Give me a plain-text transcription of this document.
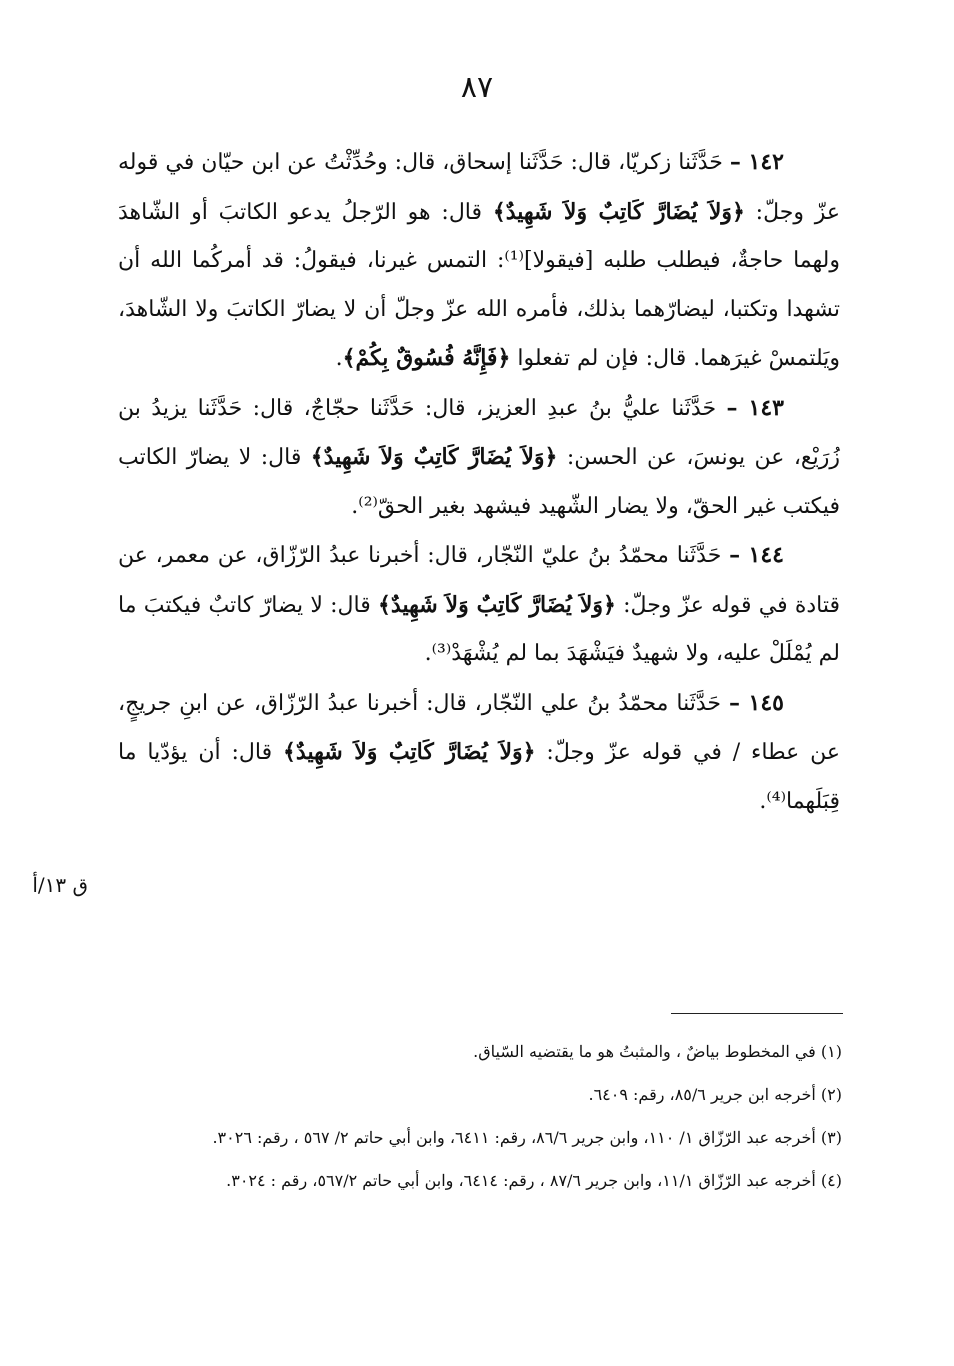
٨٧

١٤٢ – حَدَّثَنا زكريّا، قال: حَدَّثَنا إسحاق، قال: وحُدِّثْتُ عن ابن حيّان في قوله عزّ وجلّ: ﴿وَلاَ يُضَارَّ كَاتِبٌ وَلاَ شَهِيدٌ﴾ قال: هو الرّجلُ يدعو الكاتبَ أو الشّاهدَ ولهما حاجةٌ، فيطلب طلبه [فيقولا]⁽¹⁾: التمس غيرنا، فيقولُ: قد أمركُما الله أن تشهدا وتكتبا، ليضارّهما بذلك، فأمره الله عزّ وجلّ أن لا يضارّ الكاتبَ ولا الشّاهدَ، ويَلتمسْ غيرَهما. قال: فإن لم تفعلوا ﴿فَإِنَّهُ فُسُوقٌ بِكُمْ﴾.

١٤٣ – حَدَّثَنا عليُّ بنُ عبدِ العزيز، قال: حَدَّثَنا حجّاجٌ، قال: حَدَّثَنا يزيدُ بن زُرَيْع، عن يونسَ، عن الحسن: ﴿وَلاَ يُضَارَّ كَاتِبٌ وَلاَ شَهِيدٌ﴾ قال: لا يضارّ الكاتب فيكتب غير الحقّ، ولا يضار الشّهيد فيشهد بغير الحقّ⁽²⁾.

١٤٤ – حَدَّثَنا محمّدُ بنُ عليّ النّجّار، قال: أخبرنا عبدُ الرّزّاق، عن معمر، عن قتادة في قوله عزّ وجلّ: ﴿وَلاَ يُضَارَّ كَاتِبٌ وَلاَ شَهِيدٌ﴾ قال: لا يضارّ كاتبٌ فيكتبَ ما لم يُمْلَلْ عليه، ولا شهيدٌ فيَشْهَدَ بما لم يُشْهَدْ⁽³⁾.

١٤٥ – حَدَّثَنا محمّدُ بنُ علي النّجّار، قال: أخبرنا عبدُ الرّزّاق، عن ابنِ جريجٍ، عن عطاء / في قوله عزّ وجلّ: ﴿وَلاَ يُضَارَّ كَاتِبٌ وَلاَ شَهِيدٌ﴾ قال: أن يؤدّيا ما قِبَلَهما⁽⁴⁾.

ق ١٣/أ

(١) في المخطوط بياضٌ ، والمثبتُ هو ما يقتضيه السّياق.

(٢) أخرجه ابن جرير ٨٥/٦، رقم: ٦٤٠٩.

(٣) أخرجه عبد الرّزّاق ١/ ١١٠، وابن جرير ٨٦/٦، رقم: ٦٤١١، وابن أبي حاتم ٢/ ٥٦٧ ، رقم: ٣٠٢٦.

(٤) أخرجه عبد الرّزّاق ١١/١، وابن جرير ٨٧/٦ ، رقم: ٦٤١٤، وابن أبي حاتم ٥٦٧/٢، رقم : ٣٠٢٤.
